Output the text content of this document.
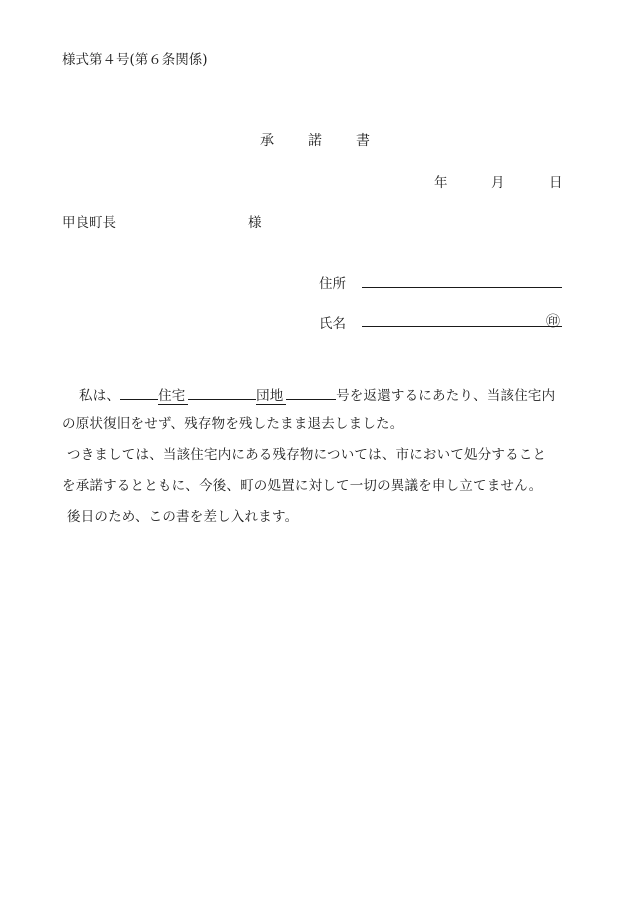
様式第４号(第６条関係)
承 諾 書
年	月	日
甲良町長	様
住所
氏名	㊞
私は、	住宅	団地	号を返還するにあたり、当該住宅内
の原状復旧をせず、残存物を残したまま退去しました。
つきましては、当該住宅内にある残存物については、市において処分すること
を承諾するとともに、今後、町の処置に対して一切の異議を申し立てません。
後日のため、この書を差し入れます。
